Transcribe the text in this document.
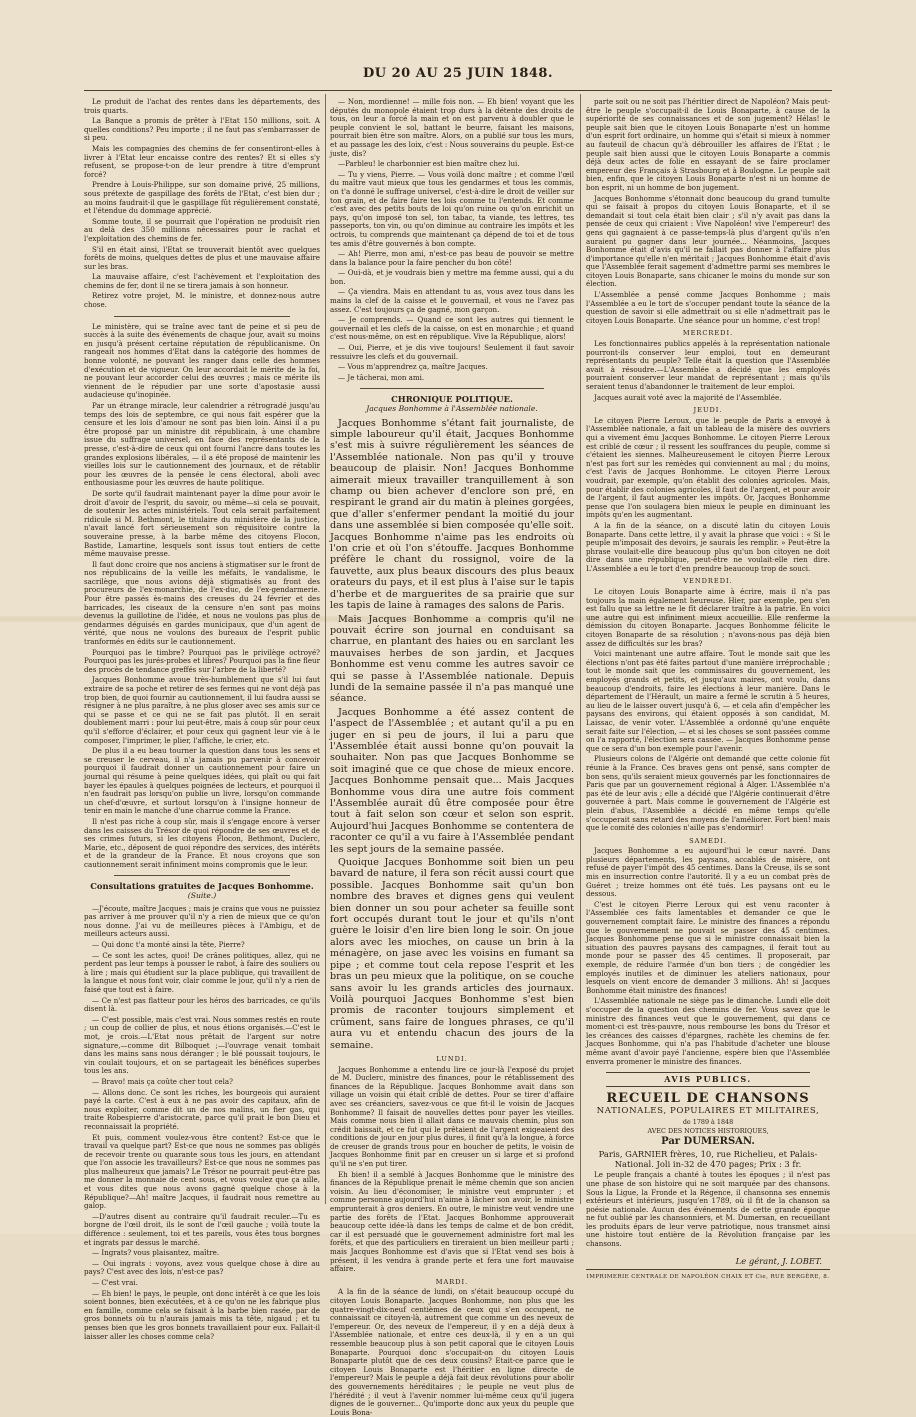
DU 20 AU 25 JUIN 1848.

Le produit de l'achat des rentes dans les départements, des trois quarts.

La Banque a promis de prêter à l'Etat 150 millions, soit. A quelles conditions? Peu importe ; il ne faut pas s'embarrasser de si peu.

Mais les compagnies des chemins de fer consentiront-elles à livrer à l'Etat leur encaisse contre des rentes? Et si elles s'y refusent, se propose-t-on de leur prendre à titre d'emprunt forcé?

Prendre à Louis-Philippe, sur son domaine privé, 25 millions, sous prétexte de gaspillage des forêts de l'Etat, c'est bien dur ; au moins faudrait-il que le gaspillage fût régulièrement constaté, et l'étendue du dommage apprécié.

Somme toute, il se pourrait que l'opération ne produisît rien au delà des 350 millions nécessaires pour le rachat et l'exploitation des chemins de fer.

S'il en était ainsi, l'Etat se trouverait bientôt avec quelques forêts de moins, quelques dettes de plus et une mauvaise affaire sur les bras.

La mauvaise affaire, c'est l'achèvement et l'exploitation des chemins de fer, dont il ne se tirera jamais à son honneur.

Retirez votre projet, M. le ministre, et donnez-nous autre chose.

Le ministère, qui se traîne avec tant de peine et si peu de succès à la suite des événements de chaque jour, avait su moins en jusqu'à présent certaine réputation de républicanisme. On rangeait nos hommes d'Etat dans la catégorie des hommes de bonne volonté, ne pouvant les ranger dans celle des hommes d'exécution et de vigueur. On leur accordait le mérite de la foi, ne pouvant leur accorder celui des œuvres ; mais ce mérite ils viennent de le répudier par une sorte d'apostasie aussi audacieuse qu'inopinée.

Par un étrange miracle, leur calendrier a rétrogradé jusqu'au temps des lois de septembre, ce qui nous fait espérer que la censure et les lois d'amour ne sont pas bien loin. Ainsi il a pu être proposé par un ministre dit républicain, à une chambre issue du suffrage universel, en face des représentants de la presse, c'est-à-dire de ceux qui ont fourni l'ancre dans toutes les grandes explosions libérales, — il a été proposé de maintenir les vieilles lois sur le cautionnement des journaux, et de rétablir pour les œuvres de la pensée le cens électoral, aboli avec enthousiasme pour les œuvres de haute politique.

De sorte qu'il faudrait maintenant payer la dîme pour avoir le droit d'avoir de l'esprit, du savoir, ou même—si cela se pouvait, de soutenir les actes ministériels. Tout cela serait parfaitement ridicule si M. Bethmont, le titulaire du ministère de la justice, n'avait lancé fort sérieusement son réquisitoire contre la souveraine presse, à la barbe même des citoyens Flocon, Bastide, Lamartine, lesquels sont issus tout entiers de cette même mauvaise presse.

Il faut donc croire que nos anciens à stigmatiser sur le front de nos républicains de la veille les méfaits, le vandalisme, le sacrilège, que nous avions déjà stigmatisés au front des procureurs de l'ex-monarchie, de l'ex-duc, de l'ex-gendarmerie. Pour être passés ès-mains des creuses du 24 février et des barricades, les ciseaux de la censure n'en sont pas moins devenus la guillotine de l'idée, et nous ne voulons pas plus de gendarmes déguisés en gardes municipaux, que d'un agent de vérité, que nous ne voulons des bureaux de l'esprit public tranformés en édits sur le cautionnement.

Pourquoi pas le timbre? Pourquoi pas le privilège octroyé? Pourquoi pas les jurés-probes et libres? Pourquoi pas la fine fleur des procès de tendance greffés sur l'arbre de la liberté?

Jacques Bonhomme avoue très-humblement que s'il lui faut extraire de sa poche et retirer de ses fermes qui ne vont déjà pas trop bien, de quoi fournir au cautionnement, il lui faudra aussi se résigner à ne plus paraître, à ne plus gloser avec ses amis sur ce qui se passe et ce qui ne se fait pas plutôt. Il en serait doublement marri : pour lui peut-être, mais à coup sûr pour ceux qu'il s'efforce d'éclairer, et pour ceux qui gagnent leur vie à le composer, l'imprimer, le plier, l'affiche, le crier, etc.

De plus il a eu beau tourner la question dans tous les sens et se creuser le cerveau, il n'a jamais pu parvenir à concevoir pourquoi il faudrait donner un cautionnement pour faire un journal qui résume à peine quelques idées, qui plaît ou qui fait bayer les épaules à quelques poignées de lecteurs, et pourquoi il n'en faudrait pas lorsqu'on publie un livre, lorsqu'on commande un chef-d'œuvre, et surtout lorsqu'on à l'insigne honneur de tenir en main le manche d'une charrue comme la France.

Il n'est pas riche à coup sûr, mais il s'engage encore à verser dans les caisses du Trésor de quoi répondre de ses œuvres et de ses crimes futurs, si les citoyens Flocon, Bethmont, Duclerc, Marie, etc., déposent de quoi répondre des services, des intérêts et de la grandeur de la France. Et nous croyons que son cautionnement serait infiniment moins compromis que le leur.

Consultations gratuites de Jacques Bonhomme.

(Suite.)

—J'écoute, maître Jacques ; mais je crains que vous ne puissiez pas arriver à me prouver qu'il n'y a rien de mieux que ce qu'on nous donne. J'ai vu de meilleures pièces à l'Ambigu, et de meilleurs acteurs aussi.

— Qui donc t'a monté ainsi la tête, Pierre?

— Ce sont les actes, quoi! De crânes politiques, allez, qui ne perdent pas leur temps à pousser le rabot, à faire des souliers ou à lire ; mais qui étudient sur la place publique, qui travaillent de la langue et nous font voir, clair comme le jour, qu'il n'y a rien de faisé que tout est à faire.

— Ce n'est pas flatteur pour les héros des barricades, ce qu'ils disent là.

— C'est possible, mais c'est vrai. Nous sommes restés en route ; un coup de collier de plus, et nous étions organisés.—C'est le mot, je crois.—L'Etat nous prêtait de l'argent sur notre signature,—comme dit Bilboquet ;—l'ouvrage venait tombait dans les mains sans nous déranger ; le blé poussait toujours, le vin coulait toujours, et on se partageait les bénéfices superbes tous les ans.

— Bravo! mais ça coûte cher tout cela?

— Allons donc. Ce sont les riches, les bourgeois qui auraient payé la carte. C'est à eux à ne pas avoir des capitaux, afin de nous exploiter, comme dit un de nos malins, un fier gas, qui traite Robespierre d'aristocrate, parce qu'il prait le bon Dieu et reconnaissait la propriété.

Et puis, comment voulez-vous être content? Est-ce que le travail va quelque part? Est-ce que nous ne sommes pas obligés de recevoir trente ou quarante sous tous les jours, en attendant que l'on associe les travailleurs? Est-ce que nous ne sommes pas plus malheureux que jamais? Le Trésor ne pourrait peut-être pas me donner la monnaie de cent sous, et vous voulez que ça aille, et vous dites que nous avons gagné quelque chose à la République?—Ah! maître Jacques, il faudrait nous remettre au galop.

—D'autres disent au contraire qu'il faudrait reculer.—Tu es borgne de l'œil droit, ils le sont de l'œil gauche ; voilà toute la différence : seulement, toi et tes pareils, vous êtes tous borgnes et ingrats par dessus le marché.

— Ingrats? vous plaisantez, maître.

— Oui ingrats : voyons, avez vous quelque chose à dire au pays? C'est avec des lois, n'est-ce pas?

— C'est vrai.

— Eh bien! le pays, le peuple, ont donc intérêt à ce que les lois soient bonnes, bien exécutées, et à ce qu'on ne les fabrique plus en famille, comme cela se faisait à la barbe bien rasée, par de gros bonnets où tu n'aurais jamais mis ta tête, nigaud ; et tu penses bien que les gros bonnets travaillaient pour eux. Fallait-il laisser aller les choses comme cela?

— Non, mordienne! — mille fois non. — Eh bien! voyant que les députés du monopole étaient trop durs à la détente des droits de tous, on leur a forcé la main et on est parvenu à doubler que le peuple convient le sol, battant le beurre, faisant les maisons, pourrait bien être son maître. Alors, on a publié sur tous les murs, et au passage les des loix, c'est : Nous souverains du peuple. Est-ce juste, dis?

—Parbleu! le charbonnier est bien maître chez lui.

— Tu y viens, Pierre. — Vous voilà donc maître ; et comme l'œil du maître vaut mieux que tous les gendarmes et tous les commis, on t'a donné le suffrage universel, c'est-à-dire le droit de veiller sur ton grain, et de faire faire tes lois comme tu l'entends. Et comme c'est avec des petits bouts de loi qu'on ruine ou qu'on enrichit un pays, qu'on imposé ton sel, ton tabac, ta viande, tes lettres, tes passeports, ton vin, ou qu'on diminue au contraire les impôts et les octrois, tu comprends que maintenant ça dépend de toi et de tous tes amis d'être gouvernés à bon compte.

— Ah! Pierre, mon ami, n'est-ce pas beau de pouvoir se mettre dans la balance pour la faire pencher du bon côté!

— Oui-dà, et je voudrais bien y mettre ma femme aussi, qui a du bon.

— Ça viendra. Mais en attendant tu as, vous avez tous dans les mains la clef de la caisse et le gouvernail, et vous ne l'avez pas assez. C'est toujours ça de gagné, mon garçon.

— Je comprends. — Quand ce sont les autres qui tiennent le gouvernail et les clefs de la caisse, on est en monarchie ; et quand c'est nous-même, on est en république. Vive la République, alors!

— Oui, Pierre, et je dis vive toujours! Seulement il faut savoir ressuivre les clefs et du gouvernail.

— Vous m'apprendrez ça, maître Jacques.

— Je tâcherai, mon ami.

CHRONIQUE POLITIQUE.

Jacques Bonhomme à l'Assemblée nationale.

Jacques Bonhomme s'étant fait journaliste, de simple laboureur qu'il était, Jacques Bonhomme s'est mis à suivre régulièrement les séances de l'Assemblée nationale. Non pas qu'il y trouve beaucoup de plaisir. Non! Jacques Bonhomme aimerait mieux travailler tranquillement à son champ ou bien achever d'enclore son pré, en respirant le grand air du matin à pleines gorgées, que d'aller s'enfermer pendant la moitié du jour dans une assemblée si bien composée qu'elle soit. Jacques Bonhomme n'aime pas les endroits où l'on crie et où l'on s'étouffe. Jacques Bonhomme préfère le chant du rossignol, voire de la fauvette, aux plus beaux discours des plus beaux orateurs du pays, et il est plus à l'aise sur le tapis d'herbe et de marguerites de sa prairie que sur les tapis de laine à ramages des salons de Paris.

Mais Jacques Bonhomme a compris qu'il ne pouvait écrire son journal en conduisant sa charrue, en plantant des haies ou en sarclant les mauvaises herbes de son jardin, et Jacques Bonhomme est venu comme les autres savoir ce qui se passe à l'Assemblée nationale. Depuis lundi de la semaine passée il n'a pas manqué une séance.

Jacques Bonhomme a été assez content de l'aspect de l'Assemblée ; et autant qu'il a pu en juger en si peu de jours, il lui a paru que l'Assemblée était aussi bonne qu'on pouvait la souhaiter. Non pas que Jacques Bonhomme se soit imaginé que ce que chose de mieux encore. Jacques Bonhomme pensait que... Mais Jacques Bonhomme vous dira une autre fois comment l'Assemblée aurait dû être composée pour être tout à fait selon son cœur et selon son esprit. Aujourd'hui Jacques Bonhomme se contentera de raconter ce qu'il a vu faire à l'Assemblée pendant les sept jours de la semaine passée.

Quoique Jacques Bonhomme soit bien un peu bavard de nature, il fera son récit aussi court que possible. Jacques Bonhomme sait qu'un bon nombre des braves et dignes gens qui veulent bien donner un sou pour acheter sa feuille sont fort occupés durant tout le jour et qu'ils n'ont guère le loisir d'en lire bien long le soir. On joue alors avec les mioches, on cause un brin à la ménagère, on jase avec les voisins en fumant sa pipe ; et comme tout cela repose l'esprit et les bras un peu mieux que la politique, on se couche sans avoir lu les grands articles des journaux. Voilà pourquoi Jacques Bonhomme s'est bien promis de raconter toujours simplement et crûment, sans faire de longues phrases, ce qu'il aura vu et entendu chacun des jours de la semaine.

LUNDI.

Jacques Bonhomme a entendu lire ce jour-là l'exposé du projet de M. Duclerc, ministre des finances, pour le rétablissement des finances de la République. Jacques Bonhomme avait dans son village un voisin qui était criblé de dettes. Pour se tirer d'affaire avec ses créanciers, savez-vous ce que fit-il le voisin de Jacques Bonhomme? Il faisait de nouvelles dettes pour payer les vieilles. Mais comme nous bien il allait dans ce mauvais chemin, plus son crédit baissait, et ce fut qui le prêtaient de l'argent exigeaient des conditions de jour en jour plus dures, il finit qu'à la longue, à force de creuser de grands trous pour en boucher de petits, le voisin de Jacques Bonhomme finit par en creuser un si large et si profond qu'il ne s'en put tirer.

Eh bien! il a semblé à Jacques Bonhomme que le ministre des finances de la République prenait le même chemin que son ancien voisin. Au lieu d'économiser, le ministre veut emprunter ; et comme personne aujourd'hui n'aime à lâcher son avoir, le ministre emprunterait à gros deniers. En outre, le ministre veut vendre une partie des forêts de l'Etat. Jacques Bonhomme approuverait beaucoup cette idée-là dans les temps de calme et de bon crédit, car il est persuadé que le gouvernement administre fort mal les forêts, et que des particuliers en tireraient un bien meilleur parti ; mais Jacques Bonhomme est d'avis que si l'Etat vend ses bois à présent, il les vendra à grande perte et fera une fort mauvaise affaire.

MARDI.

A la fin de la séance de lundi, on s'était beaucoup occupé du citoyen Louis Bonaparte. Jacques Bonhomme, non plus que les quatre-vingt-dix-neuf centièmes de ceux qui s'en occupent, ne connaissait ce citoyen-là, autrement que comme un des neveux de l'empereur. Or, des neveux de l'empereur, il y en a déjà deux à l'Assemblée nationale, et entre ces deux-là, il y en a un qui ressemble beaucoup plus à son petit caporal que le citoyen Louis Bonaparte. Pourquoi donc s'occupait-on du citoyen Louis Bonaparte plutôt que de ces deux cousins? Etait-ce parce que le citoyen Louis Bonaparte est l'héritier en ligne directe de l'empereur? Mais le peuple a déjà fait deux révolutions pour abolir des gouvernements héréditaires ; le peuple ne veut plus de l'hérédité ; il veut à l'avenir nommer lui-même ceux qu'il jugera dignes de le gouverner... Qu'importe donc aux yeux du peuple que Louis Bona-

parte soit ou ne soit pas l'héritier direct de Napoléon? Mais peut-être le peuple s'occupait-il de Louis Bonaparte, à cause de la supériorité de ses connaissances et de son jugement? Hélas! le peuple sait bien que le citoyen Louis Bonaparte n'est un homme d'un esprit fort ordinaire, un homme qui s'était si mieux à nommer au fauteuil de chacun qu'à débrouiller les affaires de l'Etat ; le peuple sait bien aussi que le citoyen Louis Bonaparte a commis déjà deux actes de folie en essayant de se faire proclamer empereur des Français à Strasbourg et à Boulogne. Le peuple sait bien, enfin, que le citoyen Louis Bonaparte n'est ni un homme de bon esprit, ni un homme de bon jugement.

Jacques Bonhomme s'étonnait donc beaucoup du grand tumulte qui se faisait à propos du citoyen Louis Bonaparte, et il se demandait si tout cela était bien clair ; s'il n'y avait pas dans la pensée de ceux qui criaient : Vive Napoléon! vive l'empereur! des gens qui gagnaient à ce passe-temps-là plus d'argent qu'ils n'en auraient pu gagner dans leur journée... Néanmoins, Jacques Bonhomme était d'avis qu'il ne fallait pas donner à l'affaire plus d'importance qu'elle n'en méritait ; Jacques Bonhomme était d'avis que l'Assemblée ferait sagement d'admettre parmi ses membres le citoyen Louis Bonaparte, sans chicaner le moins du monde sur son élection.

L'Assemblée a pensé comme Jacques Bonhomme ; mais l'Assemblée a eu le tort de s'occuper pendant toute la séance de la question de savoir si elle admettrait ou si elle n'admettrait pas le citoyen Louis Bonaparte. Une séance pour un homme, c'est trop!

MERCREDI.

Les fonctionnaires publics appelés à la représentation nationale pourront-ils conserver leur emploi, tout en demeurant représentants du peuple? Telle était la question que l'Assemblée avait à résoudre.—L'Assemblée a décidé que les employés pourraient conserver leur mandat de représentant ; mais qu'ils seraient tenus d'abandonner le traitement de leur emploi.

Jacques aurait voté avec la majorité de l'Assemblée.

JEUDI.

Le citoyen Pierre Leroux, que le peuple de Paris a envoyé à l'Assemblée nationale, a fait un tableau de la misère des ouvriers qui a vivement ému Jacques Bonhomme. Le citoyen Pierre Leroux est criblé de cœur ; il ressent les souffrances du peuple, comme si c'étaient les siennes. Malheureusement le citoyen Pierre Leroux n'est pas fort sur les remèdes qui conviennent au mal ; du moins, c'est l'avis de Jacques Bonhomme. Le citoyen Pierre Leroux voudrait, par exemple, qu'on établit des colonies agricoles. Mais, pour établir des colonies agricoles, il faut de l'argent, et pour avoir de l'argent, il faut augmenter les impôts. Or, Jacques Bonhomme pense que l'on soulagera bien mieux le peuple en diminuant les impôts qu'en les augmentant.

A la fin de la séance, on a discuté latin du citoyen Louis Bonaparte. Dans cette lettre, il y avait la phrase que voici : « Si le peuple m'imposait des devoirs, je saurais les remplir. » Peut-être la phrase voulait-elle dire beaucoup plus qu'un bon citoyen ne doit dire dans une république, peut-être ne voulait-elle rien dire. L'Assemblée a eu le tort d'en prendre beaucoup trop de souci.

VENDREDI.

Le citoyen Louis Bonaparte aime à écrire, mais il n'a pas toujours la main également heureuse. Hier, par exemple, peu s'en est fallu que sa lettre ne le fît déclarer traître à la patrie. En voici une autre qui est infiniment mieux accueillie. Elle renferme la démission du citoyen Bonaparte. Jacques Bonhomme félicite le citoyen Bonaparte de sa résolution ; n'avons-nous pas déjà bien assez de difficultés sur les bras?

Voici maintenant une autre affaire. Tout le monde sait que les élections n'ont pas été faites partout d'une manière irréprochable ; tout le monde sait que les commissaires du gouvernement, les employés grands et petits, et jusqu'aux maires, ont voulu, dans beaucoup d'endroits, faire les élections à leur manière. Dans le département de l'Hérault, un maire a fermé le scrutin à 5 heures, au lieu de le laisser ouvert jusqu'à 6, — et cela afin d'empêcher les paysans des environs, qui étaient opposés à son candidat, M. Laissac, de venir voter. L'Assemblée a ordonné qu'une enquête serait faite sur l'élection, — et si les choses se sont passées comme on l'a rapporté, l'élection sera cassée. — Jacques Bonhomme pense que ce sera d'un bon exemple pour l'avenir.

Plusieurs colons de l'Algérie ont demandé que cette colonie fût réunie à la France. Ces braves gens ont pensé, sans compter de bon sens, qu'ils seraient mieux gouvernés par les fonctionnaires de Paris que par un gouvernement régional à Alger. L'Assemblée n'a pas été de leur avis ; elle a décidé que l'Algérie continuerait d'être gouvernée à part. Mais comme le gouvernement de l'Algérie est plein d'abus, l'Assemblée a décidé en même temps qu'elle s'occuperait sans retard des moyens de l'améliorer. Fort bien! mais que le comité des colonies n'aille pas s'endormir!

SAMEDI.

Jacques Bonhomme a eu aujourd'hui le cœur navré. Dans plusieurs départements, les paysans, accablés de misère, ont refusé de payer l'impôt des 45 centimes. Dans la Creuse, ils se sont mis en insurrection contre l'autorité. Il y a eu un combat près de Guéret ; treize hommes ont été tués. Les paysans ont eu le dessous.

C'est le citoyen Pierre Leroux qui est venu raconter à l'Assemblée ces faits lamentables et demander ce que le gouvernement comptait faire. Le ministre des finances a répondu que le gouvernement ne pouvait se passer des 45 centimes. Jacques Bonhomme pense que si le ministre connaissait bien la situation des pauvres paysans des campagnes, il ferait tout au monde pour se passer des 45 centimes. Il proposerait, par exemple, de réduire l'armée d'un bon tiers ; de congédier les employés inutiles et de diminuer les ateliers nationaux, pour lesquels on vient encore de demander 3 millions. Ah! si Jacques Bonhomme était ministre des finances!

L'Assemblée nationale ne siège pas le dimanche. Lundi elle doit s'occuper de la question des chemins de fer. Vous savez que le ministre des finances veut que le gouvernement, qui dans ce moment-ci est très-pauvre, nous rembourse les bons du Trésor et les créances des caisses d'épargnes, rachète les chemins de fer. Jacques Bonhomme, qui n'a pas l'habitude d'acheter une blouse même avant d'avoir payé l'ancienne, espère bien que l'Assemblée enverra promener le ministre des finances.

AVIS PUBLICS.

RECUEIL DE CHANSONS

NATIONALES, POPULAIRES ET MILITAIRES,

de 1789 à 1848

AVEC DES NOTICES HISTORIQUES,

Par DUMERSAN.

Paris, GARNIER frères, 10, rue Richelieu, et Palais-National. Joli in-32 de 470 pages; Prix : 3 fr.

Le peuple français a chanté à toutes les époques ; il n'est pas une phase de son histoire qui ne soit marquée par des chansons. Sous la Ligue, la Fronde et la Régence, il chansonna ses ennemis extérieurs et intérieurs, jusqu'en 1789, où il fit de la chanson sa poésie nationale. Aucun des événements de cette grande époque ne fut oublié par les chansonniers, et M. Dumersan, en recueillant les produits épars de leur verve patriotique, nous transmet ainsi une histoire tout entière de la Révolution française par les chansons.

Le gérant, J. LOBET.

IMPRIMERIE CENTRALE DE NAPOLÉON CHAIX ET Cie, RUE BERGÈRE, 8.
